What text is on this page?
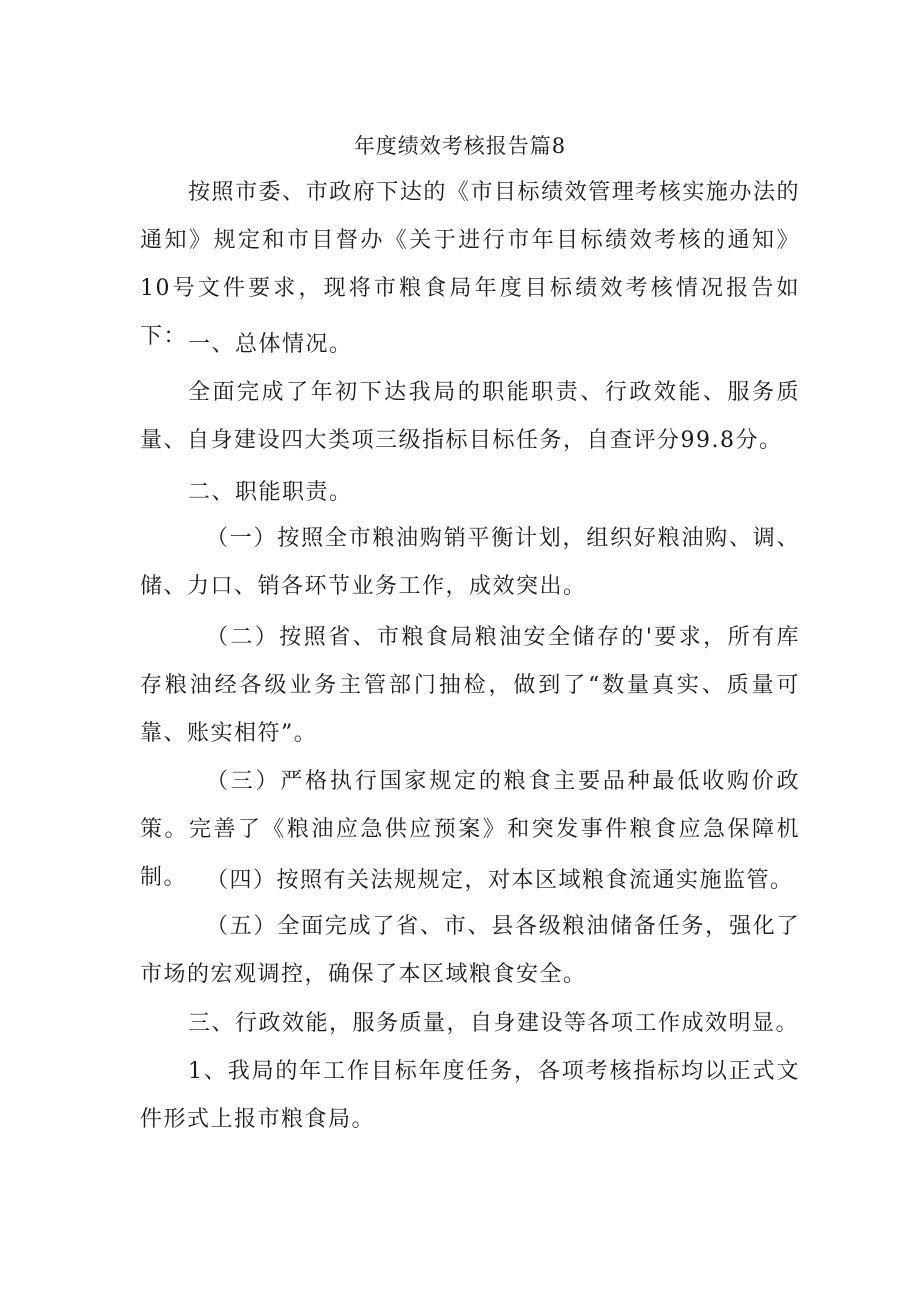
年度绩效考核报告篇8

按照市委、市政府下达的《市目标绩效管理考核实施办法的通知》规定和市目督办《关于进行市年目标绩效考核的通知》10号文件要求，现将市粮食局年度目标绩效考核情况报告如下： 一、总体情况。

全面完成了年初下达我局的职能职责、行政效能、服务质量、自身建设四大类项三级指标目标任务，自查评分99.8分。

二、职能职责。

（一）按照全市粮油购销平衡计划，组织好粮油购、调、储、力口、销各环节业务工作，成效突出。

（二）按照省、市粮食局粮油安全储存的'要求，所有库存粮油经各级业务主管部门抽检，做到了“数量真实、质量可靠、账实相符”。

（三）严格执行国家规定的粮食主要品种最低收购价政策。完善了《粮油应急供应预案》和突发事件粮食应急保障机制。 （四）按照有关法规规定，对本区域粮食流通实施监管。

（五）全面完成了省、市、县各级粮油储备任务，强化了市场的宏观调控，确保了本区域粮食安全。

三、行政效能，服务质量，自身建设等各项工作成效明显。

1、我局的年工作目标年度任务，各项考核指标均以正式文件形式上报市粮食局。
